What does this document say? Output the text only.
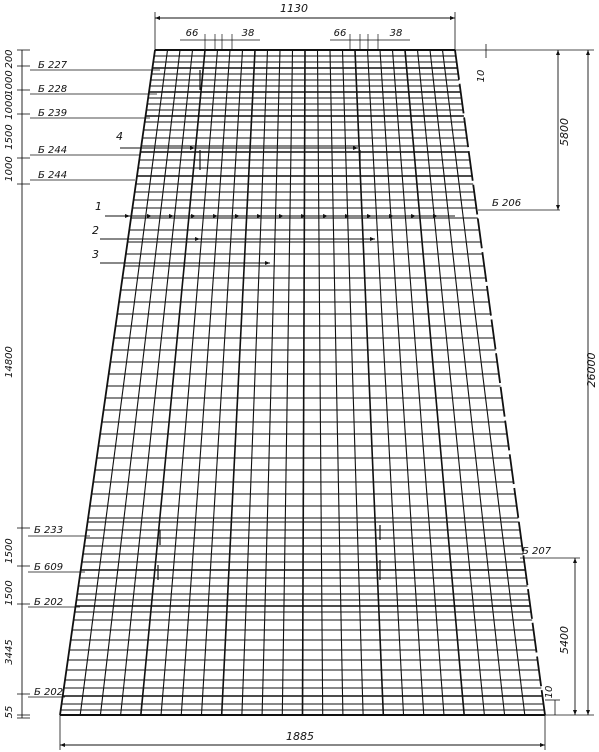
1130
66	38	66	38
1885
26000
5800
5400
10
10
200
1000
1000
1500
1000
14800
1500
1500
3445
55
Б 227
Б 228
Б 239
Б 244
Б 244
Б 233
Б 609
Б 202
Б 202
Б 206
Б 207
1
2
3
4
